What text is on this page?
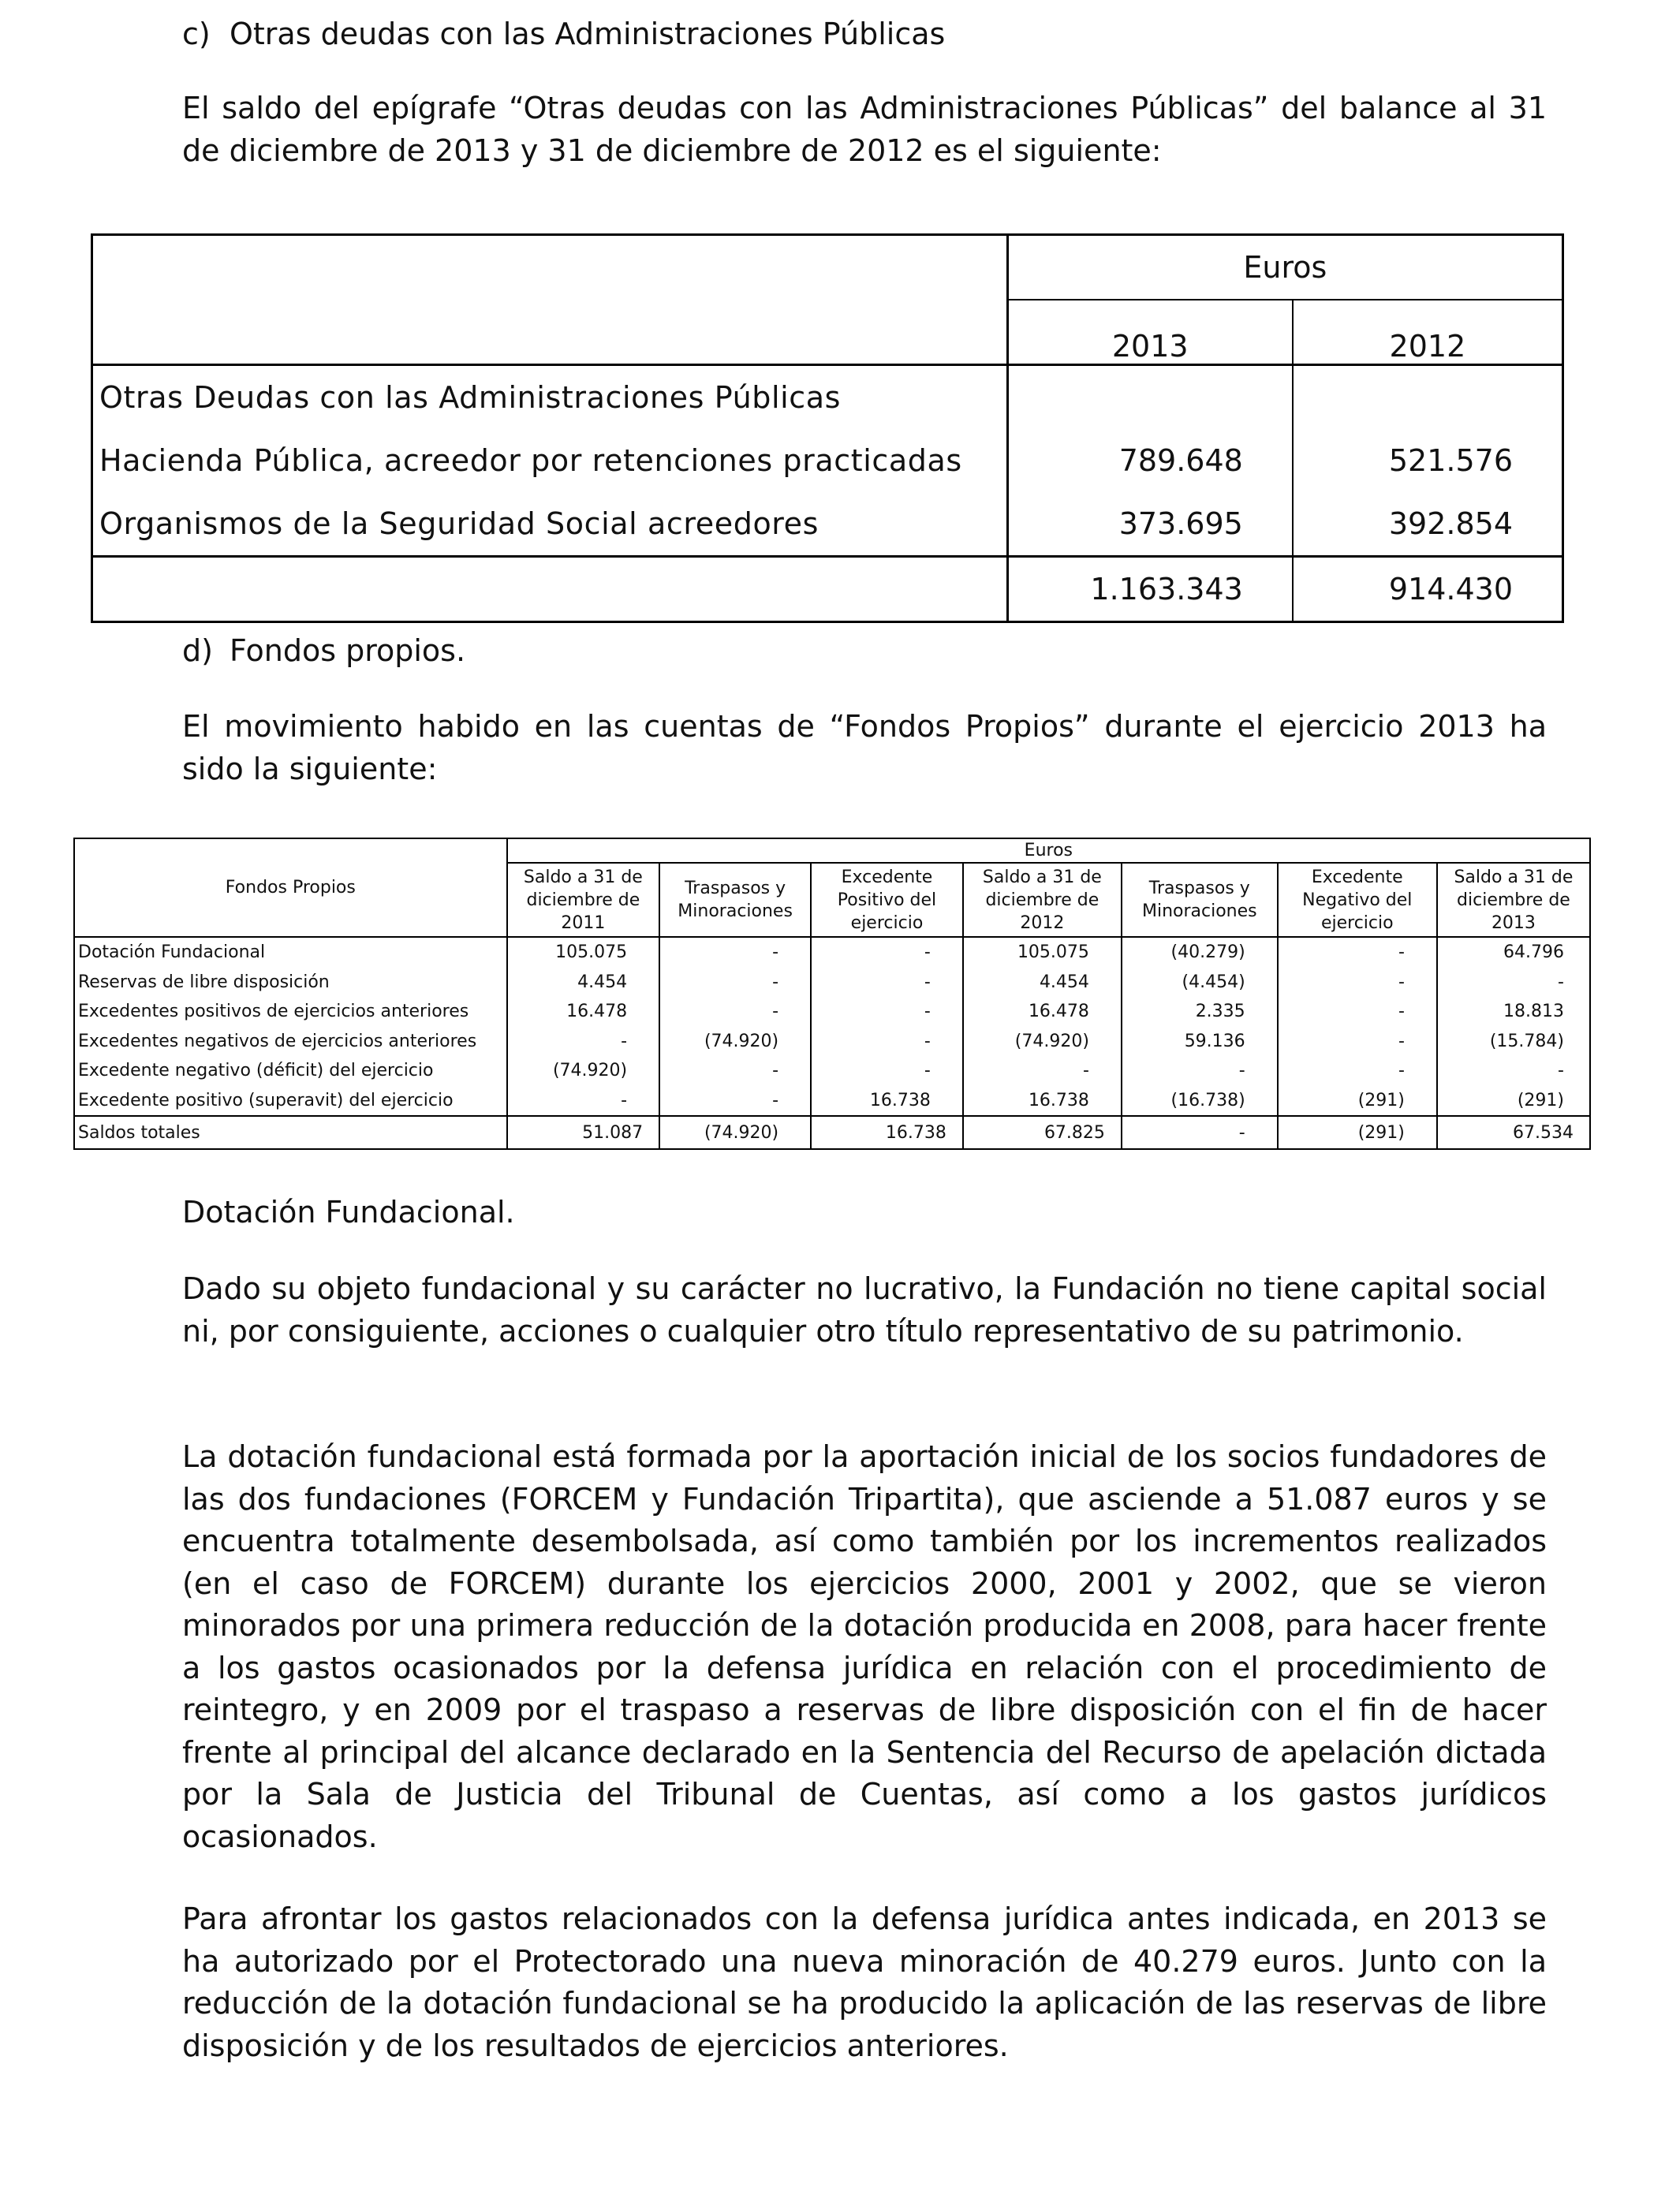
c) Otras deudas con las Administraciones Públicas

El saldo del epígrafe “Otras deudas con las Administraciones Públicas” del balance al 31 de diciembre de 2013 y 31 de diciembre de 2012 es el siguiente:

	Euros	
	2013	2012
Otras Deudas con las Administraciones Públicas		
Hacienda Pública, acreedor por retenciones practicadas	789.648	521.576
Organismos de la Seguridad Social acreedores	373.695	392.854
	1.163.343	914.430

d) Fondos propios.

El movimiento habido en las cuentas de “Fondos Propios” durante el ejercicio 2013 ha sido la siguiente:

Fondos Propios	Euros						
	Saldo a 31 de diciembre de 2011	Traspasos y Minoraciones	Excedente Positivo del ejercicio	Saldo a 31 de diciembre de 2012	Traspasos y Minoraciones	Excedente Negativo del ejercicio	Saldo a 31 de diciembre de 2013
Dotación Fundacional	105.075	-	-	105.075	(40.279)	-	64.796
Reservas de libre disposición	4.454	-	-	4.454	(4.454)	-	-
Excedentes positivos de ejercicios anteriores	16.478	-	-	16.478	2.335	-	18.813
Excedentes negativos de ejercicios anteriores	-	(74.920)	-	(74.920)	59.136	-	(15.784)
Excedente negativo (déficit) del ejercicio	(74.920)	-	-	-	-	-	-
Excedente positivo (superavit) del ejercicio	-	-	16.738	16.738	(16.738)	(291)	(291)
Saldos totales	51.087	(74.920)	16.738	67.825	-	(291)	67.534

Dotación Fundacional.

Dado su objeto fundacional y su carácter no lucrativo, la Fundación no tiene capital social ni, por consiguiente, acciones o cualquier otro título representativo de su patrimonio.

La dotación fundacional está formada por la aportación inicial de los socios fundadores de las dos fundaciones (FORCEM y Fundación Tripartita), que asciende a 51.087 euros y se encuentra totalmente desembolsada, así como también por los incrementos realizados (en el caso de FORCEM) durante los ejercicios 2000, 2001 y 2002, que se vieron minorados por una primera reducción de la dotación producida en 2008, para hacer frente a los gastos ocasionados por la defensa jurídica en relación con el procedimiento de reintegro, y en 2009 por el traspaso a reservas de libre disposición con el fin de hacer frente al principal del alcance declarado en la Sentencia del Recurso de apelación dictada por la Sala de Justicia del Tribunal de Cuentas, así como a los gastos jurídicos ocasionados.

Para afrontar los gastos relacionados con la defensa jurídica antes indicada, en 2013 se ha autorizado por el Protectorado una nueva minoración de 40.279 euros. Junto con la reducción de la dotación fundacional se ha producido la aplicación de las reservas de libre disposición y de los resultados de ejercicios anteriores.
